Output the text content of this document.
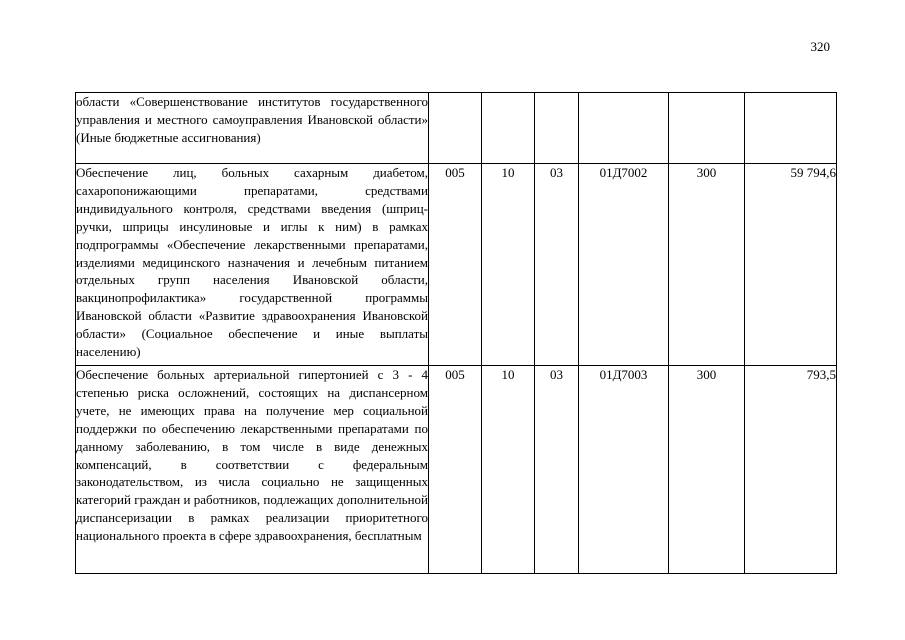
320
области «Совершенствование институтов государственного управления и местного самоуправления Ивановской области» (Иные бюджетные ассигнования)						
Обеспечение лиц, больных сахарным диабетом, сахаропонижающими препаратами, средствами индивидуального контроля, средствами введения (шприц-ручки, шприцы инсулиновые и иглы к ним) в рамках подпрограммы «Обеспечение лекарственными препаратами, изделиями медицинского назначения и лечебным питанием отдельных групп населения Ивановской области, вакцинопрофилактика» государственной программы Ивановской области «Развитие здравоохранения Ивановской области» (Социальное обеспечение и иные выплаты населению)	005	10	03	01Д7002	300	59 794,6

Обеспечение больных артериальной гипертонией с 3 - 4 степенью риска осложнений, состоящих на диспансерном учете, не имеющих права на получение мер социальной поддержки по обеспечению лекарственными препаратами по данному заболеванию, в том числе в виде денежных компенсаций, в соответствии с федеральным законодательством, из числа социально не защищенных категорий граждан и работников, подлежащих дополнительной диспансеризации в рамках реализации приоритетного национального проекта в сфере здравоохранения, бесплатным	005	10	03	01Д7003	300	793,5
